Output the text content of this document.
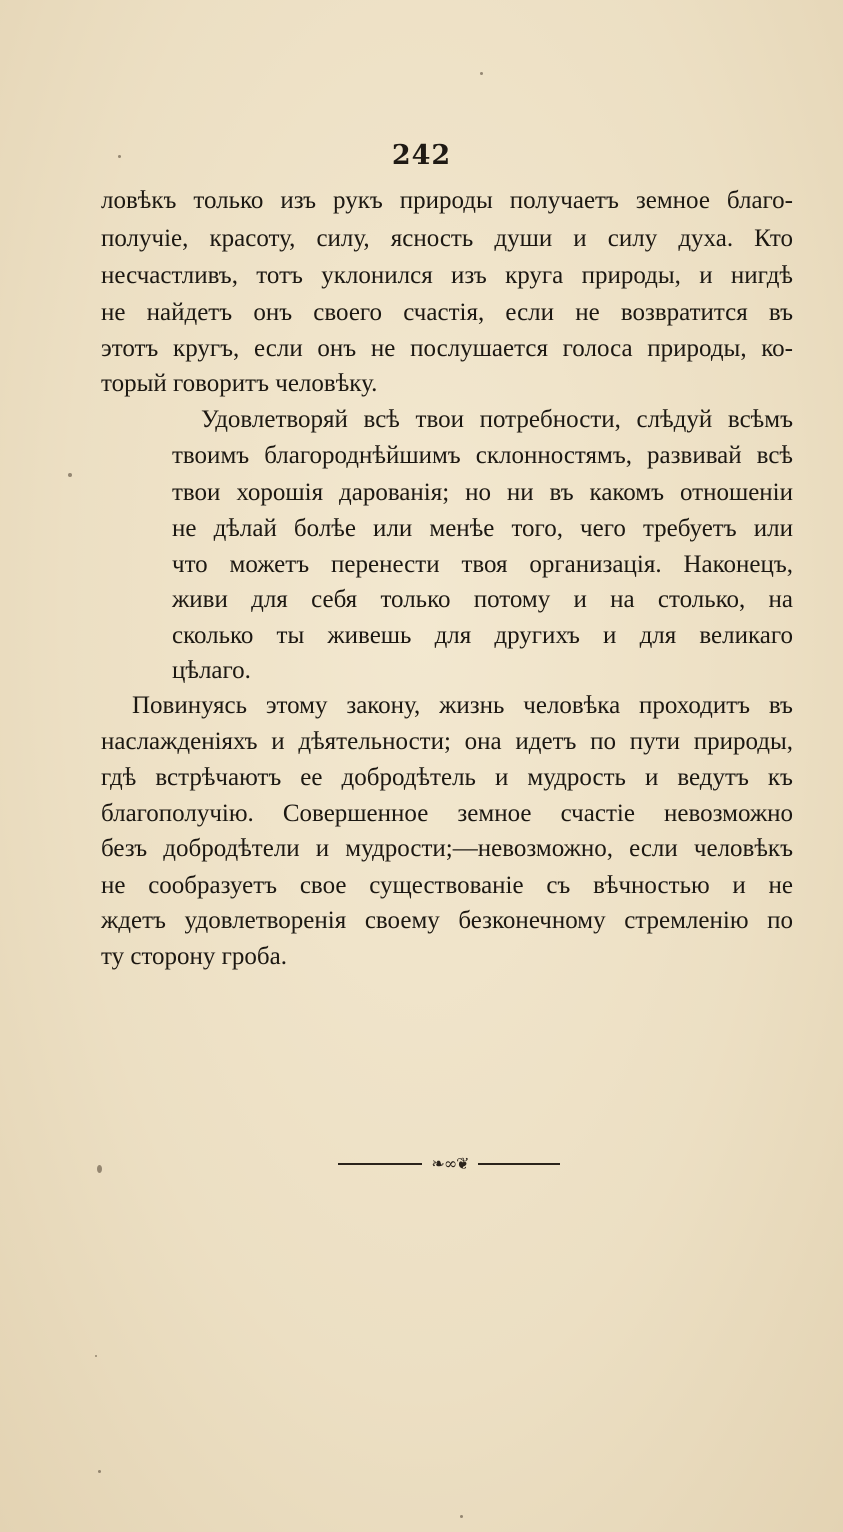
242
ловѣкъ только изъ рукъ природы получаетъ земное благо-
получіе, красоту, силу, ясность души и силу духа. Кто
несчастливъ, тотъ уклонился изъ круга природы, и нигдѣ
не найдетъ онъ своего счастія, если не возвратится въ
этотъ кругъ, если онъ не послушается голоса природы, ко-
торый говоритъ человѣку.
Удовлетворяй всѣ твои потребности, слѣдуй всѣмъ
твоимъ благороднѣйшимъ склонностямъ, развивай всѣ
твои хорошія дарованія; но ни въ какомъ отношеніи
не дѣлай болѣе или менѣе того, чего требуетъ или
что можетъ перенести твоя организація. Наконецъ,
живи для себя только потому и на столько, на
сколько ты живешь для другихъ и для великаго
цѣлаго.
Повинуясь этому закону, жизнь человѣка проходитъ въ
наслажденіяхъ и дѣятельности; она идетъ по пути природы,
гдѣ встрѣчаютъ ее добродѣтель и мудрость и ведутъ къ
благополучію. Совершенное земное счастіе невозможно
безъ добродѣтели и мудрости;—невозможно, если человѣкъ
не сообразуетъ свое существованіе съ вѣчностью и не
ждетъ удовлетворенія своему безконечному стремленію по
ту сторону гроба.
❧∞❦
